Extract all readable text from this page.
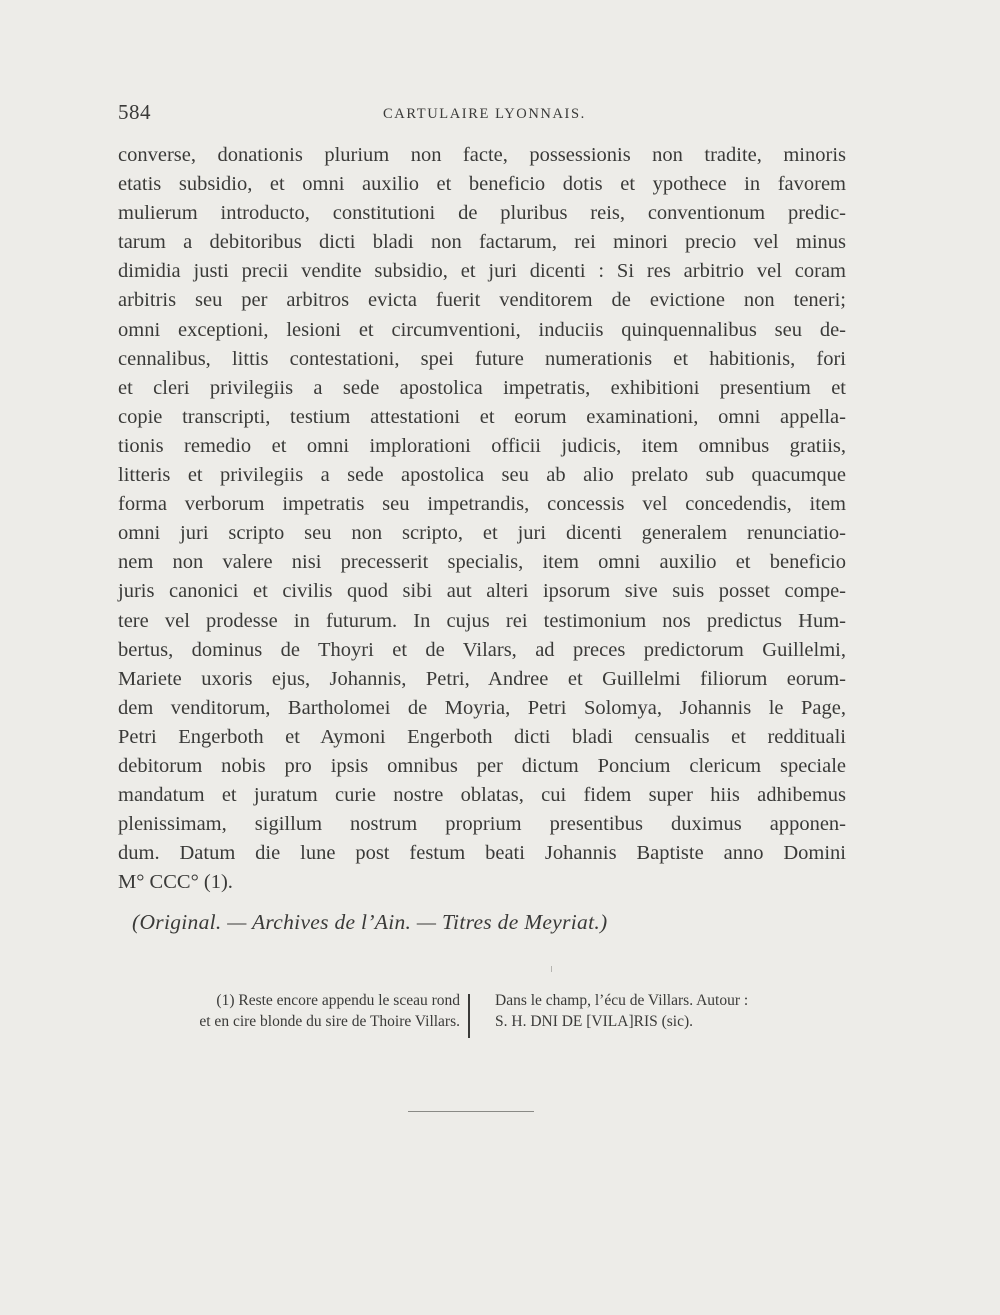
584	CARTULAIRE LYONNAIS.
converse, donationis plurium non facte, possessionis non tradite, minoris
etatis subsidio, et omni auxilio et beneficio dotis et ypothece in favorem
mulierum introducto, constitutioni de pluribus reis, conventionum predic-
tarum a debitoribus dicti bladi non factarum, rei minori precio vel minus
dimidia justi precii vendite subsidio, et juri dicenti : Si res arbitrio vel coram
arbitris seu per arbitros evicta fuerit venditorem de evictione non teneri;
omni exceptioni, lesioni et circumventioni, induciis quinquennalibus seu de-
cennalibus, littis contestationi, spei future numerationis et habitionis, fori
et cleri privilegiis a sede apostolica impetratis, exhibitioni presentium et
copie transcripti, testium attestationi et eorum examinationi, omni appella-
tionis remedio et omni implorationi officii judicis, item omnibus gratiis,
litteris et privilegiis a sede apostolica seu ab alio prelato sub quacumque
forma verborum impetratis seu impetrandis, concessis vel concedendis, item
omni juri scripto seu non scripto, et juri dicenti generalem renunciatio-
nem non valere nisi precesserit specialis, item omni auxilio et beneficio
juris canonici et civilis quod sibi aut alteri ipsorum sive suis posset compe-
tere vel prodesse in futurum. In cujus rei testimonium nos predictus Hum-
bertus, dominus de Thoyri et de Vilars, ad preces predictorum Guillelmi,
Mariete uxoris ejus, Johannis, Petri, Andree et Guillelmi filiorum eorum-
dem venditorum, Bartholomei de Moyria, Petri Solomya, Johannis le Page,
Petri Engerboth et Aymoni Engerboth dicti bladi censualis et reddituali
debitorum nobis pro ipsis omnibus per dictum Poncium clericum speciale
mandatum et juratum curie nostre oblatas, cui fidem super hiis adhibemus
plenissimam, sigillum nostrum proprium presentibus duximus apponen-
dum. Datum die lune post festum beati Johannis Baptiste anno Domini
M° CCC° (1).
(Original. — Archives de l’Ain. — Titres de Meyriat.)
(1) Reste encore appendu le sceau rond
et en cire blonde du sire de Thoire Villars.
Dans le champ, l’écu de Villars. Autour :
S. H. DNI DE [VILA]RIS (sic).
